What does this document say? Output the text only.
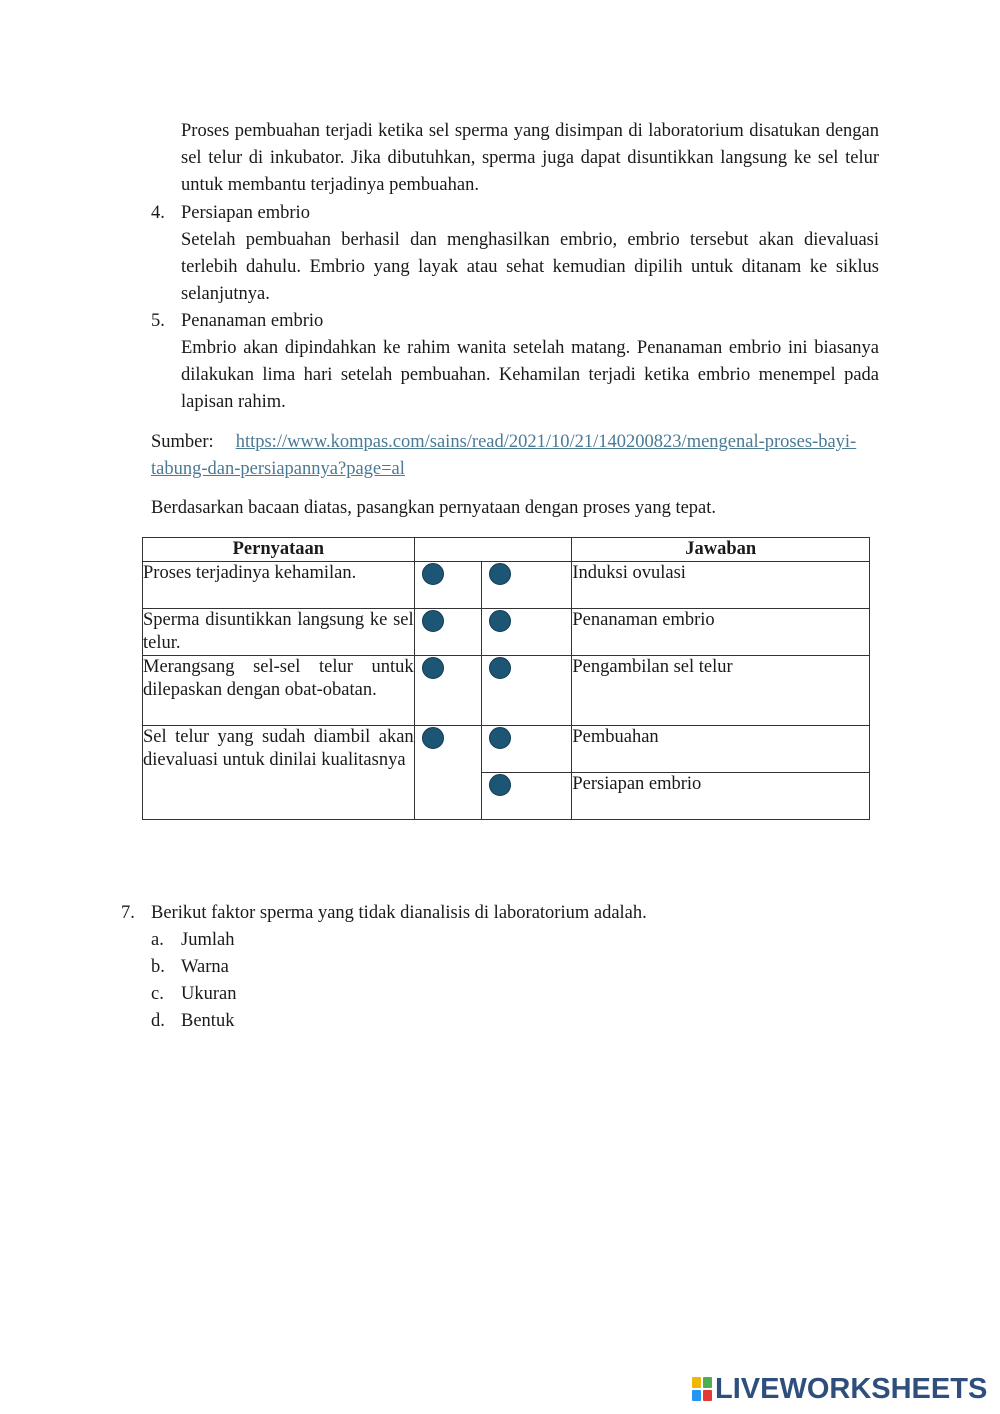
Proses pembuahan terjadi ketika sel sperma yang disimpan di laboratorium disatukan dengan sel telur di inkubator. Jika dibutuhkan, sperma juga dapat disuntikkan langsung ke sel telur untuk membantu terjadinya pembuahan.
4. Persiapan embrio
Setelah pembuahan berhasil dan menghasilkan embrio, embrio tersebut akan dievaluasi terlebih dahulu. Embrio yang layak atau sehat kemudian dipilih untuk ditanam ke siklus selanjutnya.
5. Penanaman embrio
Embrio akan dipindahkan ke rahim wanita setelah matang. Penanaman embrio ini biasanya dilakukan lima hari setelah pembuahan. Kehamilan terjadi ketika embrio menempel pada lapisan rahim.
Sumber: https://www.kompas.com/sains/read/2021/10/21/140200823/mengenal-proses-bayi-tabung-dan-persiapannya?page=al
Berdasarkan bacaan diatas, pasangkan pernyataan dengan proses yang tepat.
Pernyataan			Jawaban
Proses terjadinya kehamilan.			Induksi ovulasi
Sperma disuntikkan langsung ke sel telur.			Penanaman embrio
Merangsang sel-sel telur untuk dilepaskan dengan obat-obatan.			Pengambilan sel telur
Sel telur yang sudah diambil akan dievaluasi untuk dinilai kualitasnya			Pembuahan

			Persiapan embrio
7. Berikut faktor sperma yang tidak dianalisis di laboratorium adalah.
a. Jumlah
b. Warna
c. Ukuran
d. Bentuk
LIVEWORKSHEETS
